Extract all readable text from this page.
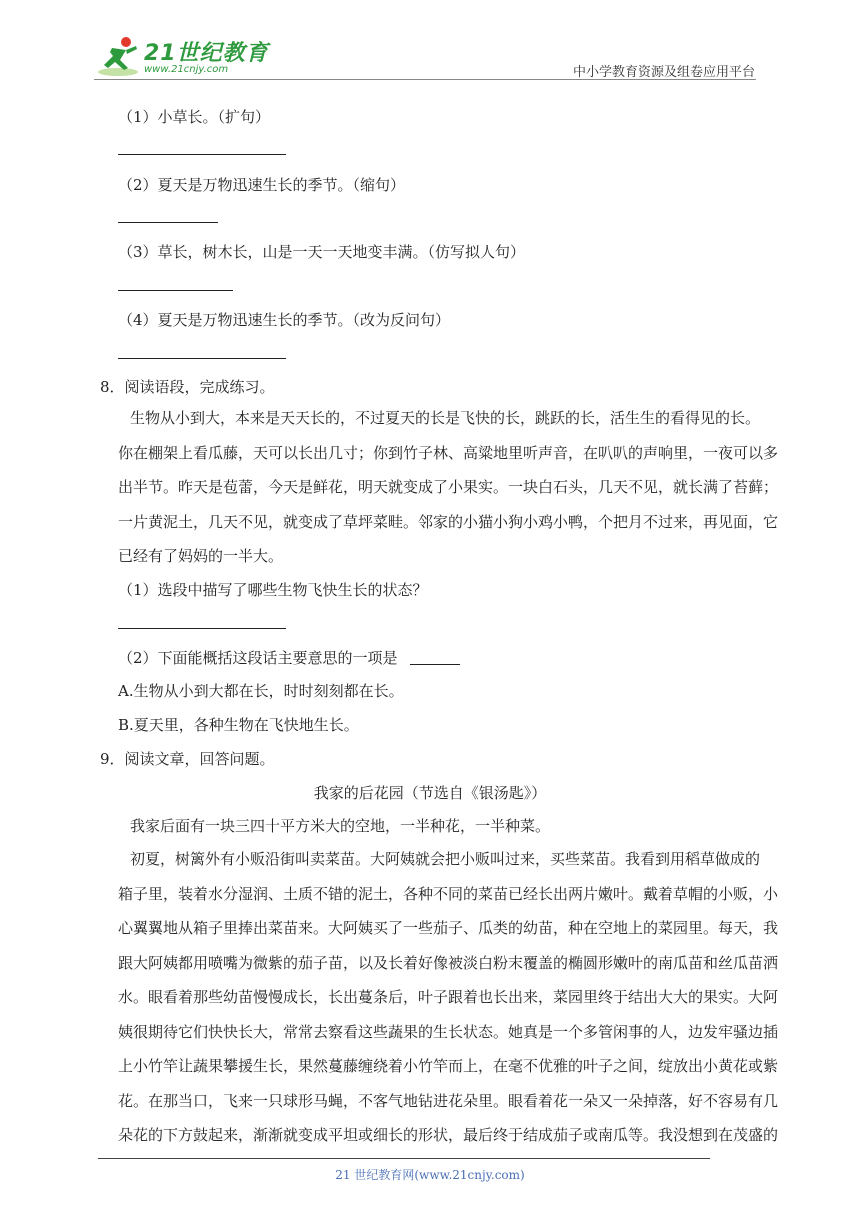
21世纪教育
www.21cnjy.com	中小学教育资源及组卷应用平台
（1）小草长。（扩句）
（2）夏天是万物迅速生长的季节。（缩句）
（3）草长，树木长，山是一天一天地变丰满。（仿写拟人句）
（4）夏天是万物迅速生长的季节。（改为反问句）
8．阅读语段，完成练习。
生物从小到大，本来是天天长的，不过夏天的长是飞快的长，跳跃的长，活生生的看得见的长。
你在棚架上看瓜藤，天可以长出几寸；你到竹子林、高粱地里听声音，在叭叭的声响里，一夜可以多
出半节。昨天是苞蕾，今天是鲜花，明天就变成了小果实。一块白石头，几天不见，就长满了苔藓；
一片黄泥土，几天不见，就变成了草坪菜畦。邻家的小猫小狗小鸡小鸭，个把月不过来，再见面，它
已经有了妈妈的一半大。
（1）选段中描写了哪些生物飞快生长的状态？
（2）下面能概括这段话主要意思的一项是
A.生物从小到大都在长，时时刻刻都在长。
B.夏天里，各种生物在飞快地生长。
9．阅读文章，回答问题。
我家的后花园（节选自《银汤匙》）
我家后面有一块三四十平方米大的空地，一半种花，一半种菜。
初夏，树篱外有小贩沿街叫卖菜苗。大阿姨就会把小贩叫过来，买些菜苗。我看到用稻草做成的
箱子里，装着水分湿润、土质不错的泥土，各种不同的菜苗已经长出两片嫩叶。戴着草帽的小贩，小
心翼翼地从箱子里捧出菜苗来。大阿姨买了一些茄子、瓜类的幼苗，种在空地上的菜园里。每天，我
跟大阿姨都用喷嘴为微紫的茄子苗，以及长着好像被淡白粉末覆盖的椭圆形嫩叶的南瓜苗和丝瓜苗洒
水。眼看着那些幼苗慢慢成长，长出蔓条后，叶子跟着也长出来，菜园里终于结出大大的果实。大阿
姨很期待它们快快长大，常常去察看这些蔬果的生长状态。她真是一个多管闲事的人，边发牢骚边插
上小竹竿让蔬果攀援生长，果然蔓藤缠绕着小竹竿而上，在毫不优雅的叶子之间，绽放出小黄花或紫
花。在那当口，飞来一只球形马蝇，不客气地钻进花朵里。眼看着花一朵又一朵掉落，好不容易有几
朵花的下方鼓起来，渐渐就变成平坦或细长的形状，最后终于结成茄子或南瓜等。我没想到在茂盛的
21 世纪教育网(www.21cnjy.com)
